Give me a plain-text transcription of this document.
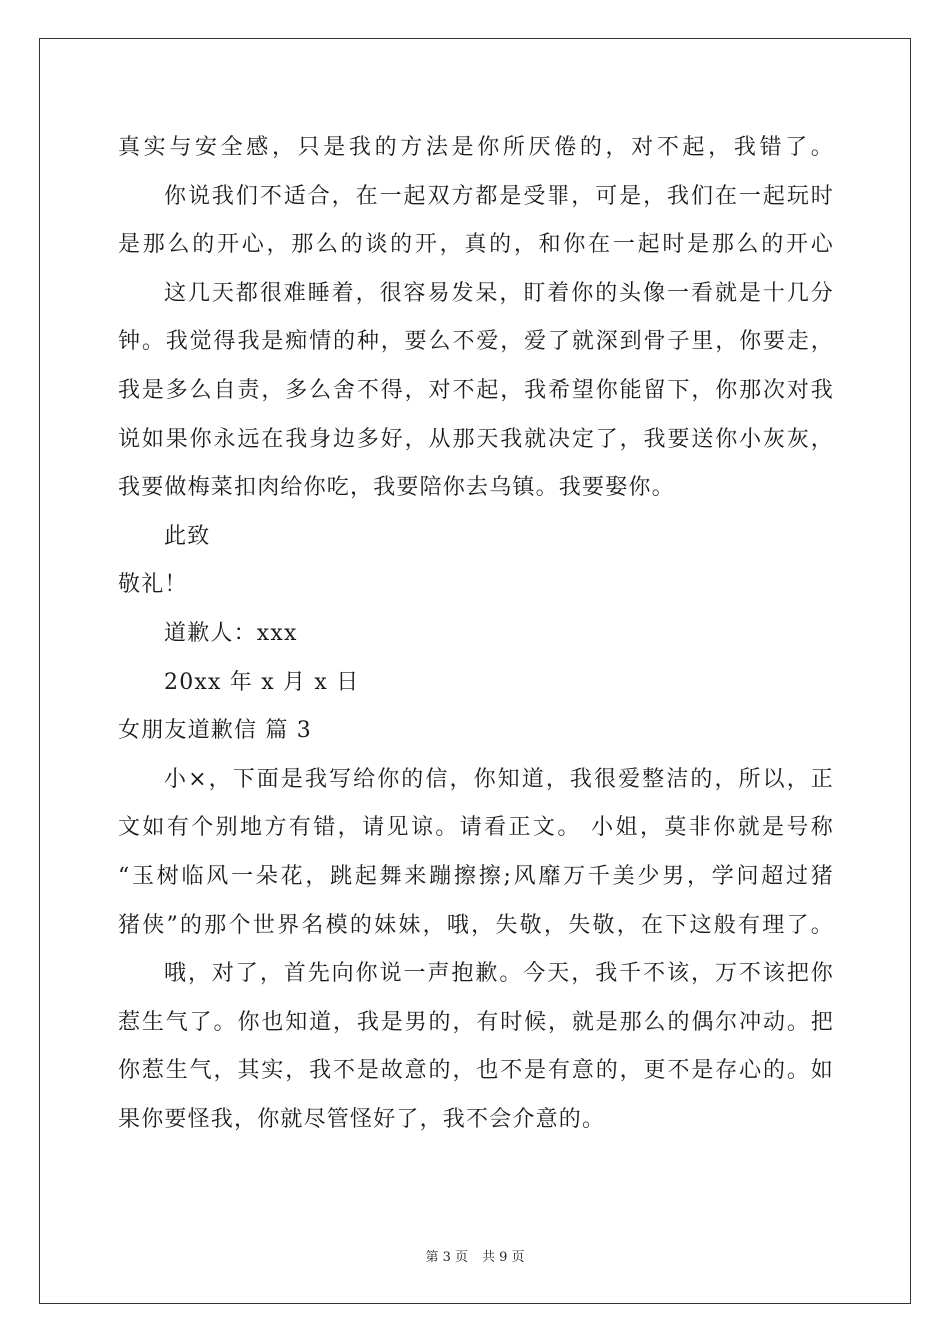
真实与安全感，只是我的方法是你所厌倦的，对不起，我错了。
你说我们不适合，在一起双方都是受罪，可是，我们在一起玩时
是那么的开心，那么的谈的开，真的，和你在一起时是那么的开心
这几天都很难睡着，很容易发呆，盯着你的头像一看就是十几分
钟。我觉得我是痴情的种，要么不爱，爱了就深到骨子里，你要走，
我是多么自责，多么舍不得，对不起，我希望你能留下，你那次对我
说如果你永远在我身边多好，从那天我就决定了，我要送你小灰灰，
我要做梅菜扣肉给你吃，我要陪你去乌镇。我要娶你。
此致
敬礼！
道歉人：xxx
20xx 年 x 月 x 日
女朋友道歉信 篇 3
小×，下面是我写给你的信，你知道，我很爱整洁的，所以，正
文如有个别地方有错，请见谅。请看正文。 小姐，莫非你就是号称
“玉树临风一朵花，跳起舞来蹦擦擦;风靡万千美少男，学问超过猪
猪侠”的那个世界名模的妹妹，哦，失敬，失敬，在下这般有理了。
哦，对了，首先向你说一声抱歉。今天，我千不该，万不该把你
惹生气了。你也知道，我是男的，有时候，就是那么的偶尔冲动。把
你惹生气，其实，我不是故意的，也不是有意的，更不是存心的。如
果你要怪我，你就尽管怪好了，我不会介意的。
第 3 页 共 9 页
